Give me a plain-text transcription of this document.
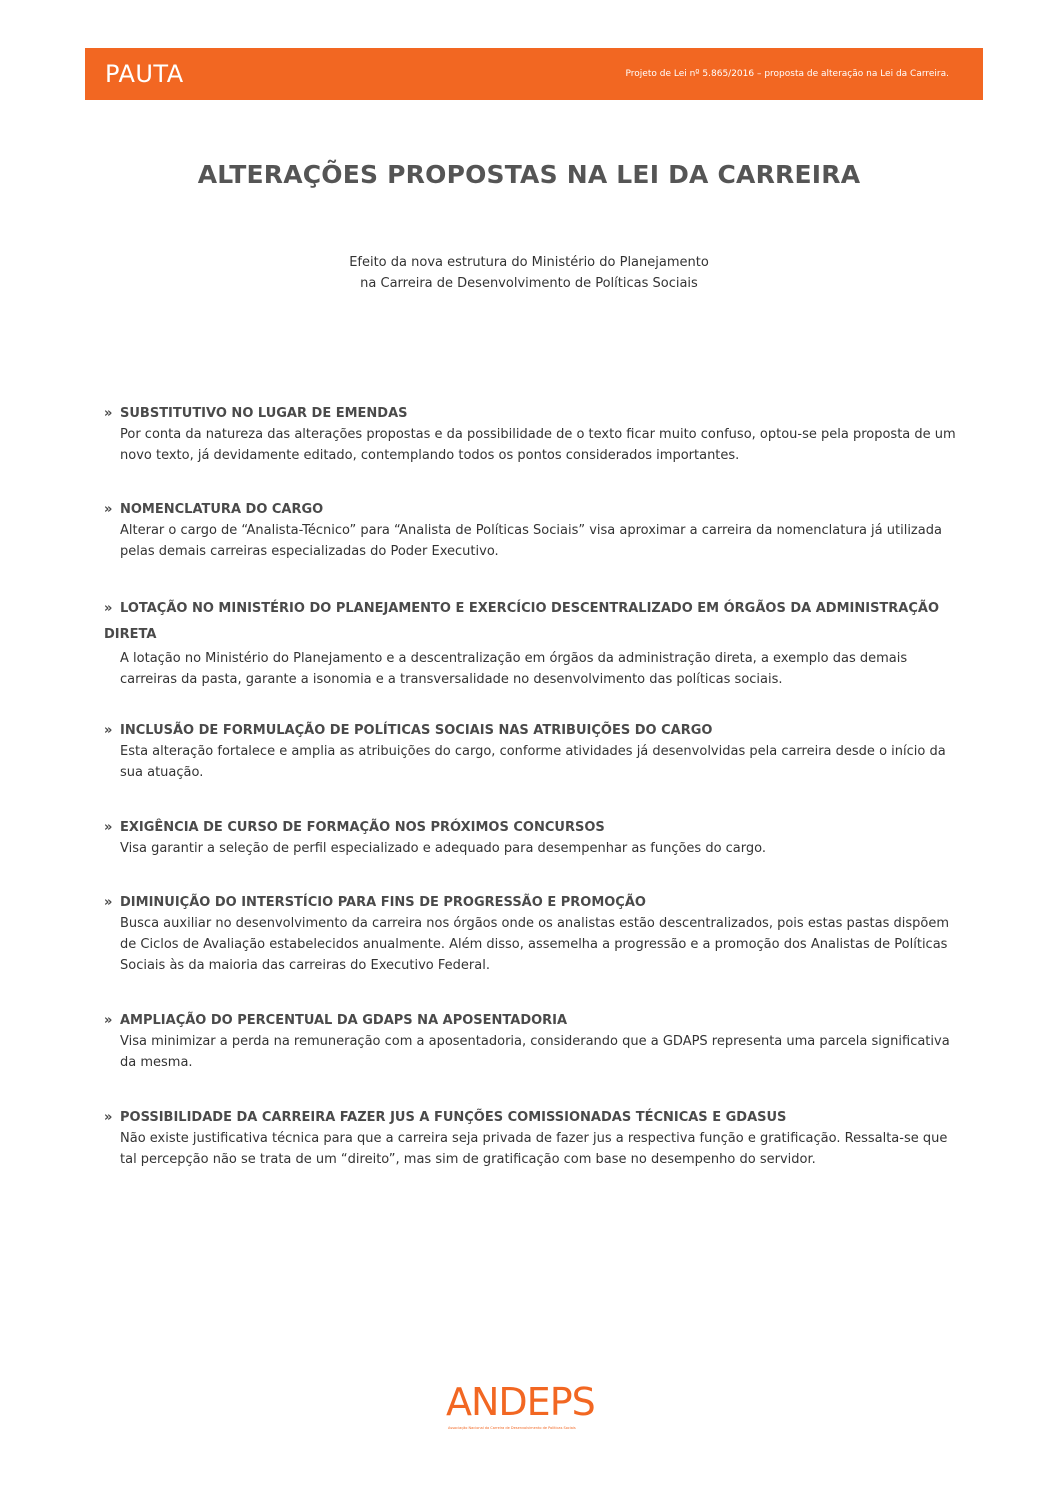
PAUTA	Projeto de Lei nº 5.865/2016 – proposta de alteração na Lei da Carreira.
ALTERAÇÕES PROPOSTAS NA LEI DA CARREIRA
Efeito da nova estrutura do Ministério do Planejamento
na Carreira de Desenvolvimento de Políticas Sociais
» SUBSTITUTIVO NO LUGAR DE EMENDAS
Por conta da natureza das alterações propostas e da possibilidade de o texto ficar muito confuso, optou-se pela proposta de um novo texto, já devidamente editado, contemplando todos os pontos considerados importantes.
» NOMENCLATURA DO CARGO
Alterar o cargo de “Analista-Técnico” para “Analista de Políticas Sociais” visa aproximar a carreira da nomenclatura já utilizada pelas demais carreiras especializadas do Poder Executivo.
» LOTAÇÃO NO MINISTÉRIO DO PLANEJAMENTO E EXERCÍCIO DESCENTRALIZADO EM ÓRGÃOS DA ADMINISTRAÇÃO DIRETA
A lotação no Ministério do Planejamento e a descentralização em órgãos da administração direta, a exemplo das demais carreiras da pasta, garante a isonomia e a transversalidade no desenvolvimento das políticas sociais.
» INCLUSÃO DE FORMULAÇÃO DE POLÍTICAS SOCIAIS NAS ATRIBUIÇÕES DO CARGO
Esta alteração fortalece e amplia as atribuições do cargo, conforme atividades já desenvolvidas pela carreira desde o início da sua atuação.
» EXIGÊNCIA DE CURSO DE FORMAÇÃO NOS PRÓXIMOS CONCURSOS
Visa garantir a seleção de perfil especializado e adequado para desempenhar as funções do cargo.
» DIMINUIÇÃO DO INTERSTÍCIO PARA FINS DE PROGRESSÃO E PROMOÇÃO
Busca auxiliar no desenvolvimento da carreira nos órgãos onde os analistas estão descentralizados, pois estas pastas dispõem de Ciclos de Avaliação estabelecidos anualmente. Além disso, assemelha a progressão e a promoção dos Analistas de Políticas Sociais às da maioria das carreiras do Executivo Federal.
» AMPLIAÇÃO DO PERCENTUAL DA GDAPS NA APOSENTADORIA
Visa minimizar a perda na remuneração com a aposentadoria, considerando que a GDAPS representa uma parcela significativa da mesma.
» POSSIBILIDADE DA CARREIRA FAZER JUS A FUNÇÕES COMISSIONADAS TÉCNICAS E GDASUS
Não existe justificativa técnica para que a carreira seja privada de fazer jus a respectiva função e gratificação. Ressalta-se que tal percepção não se trata de um “direito”, mas sim de gratificação com base no desempenho do servidor.
ANDEPS
Associação Nacional da Carreira de Desenvolvimento de Políticas Sociais
